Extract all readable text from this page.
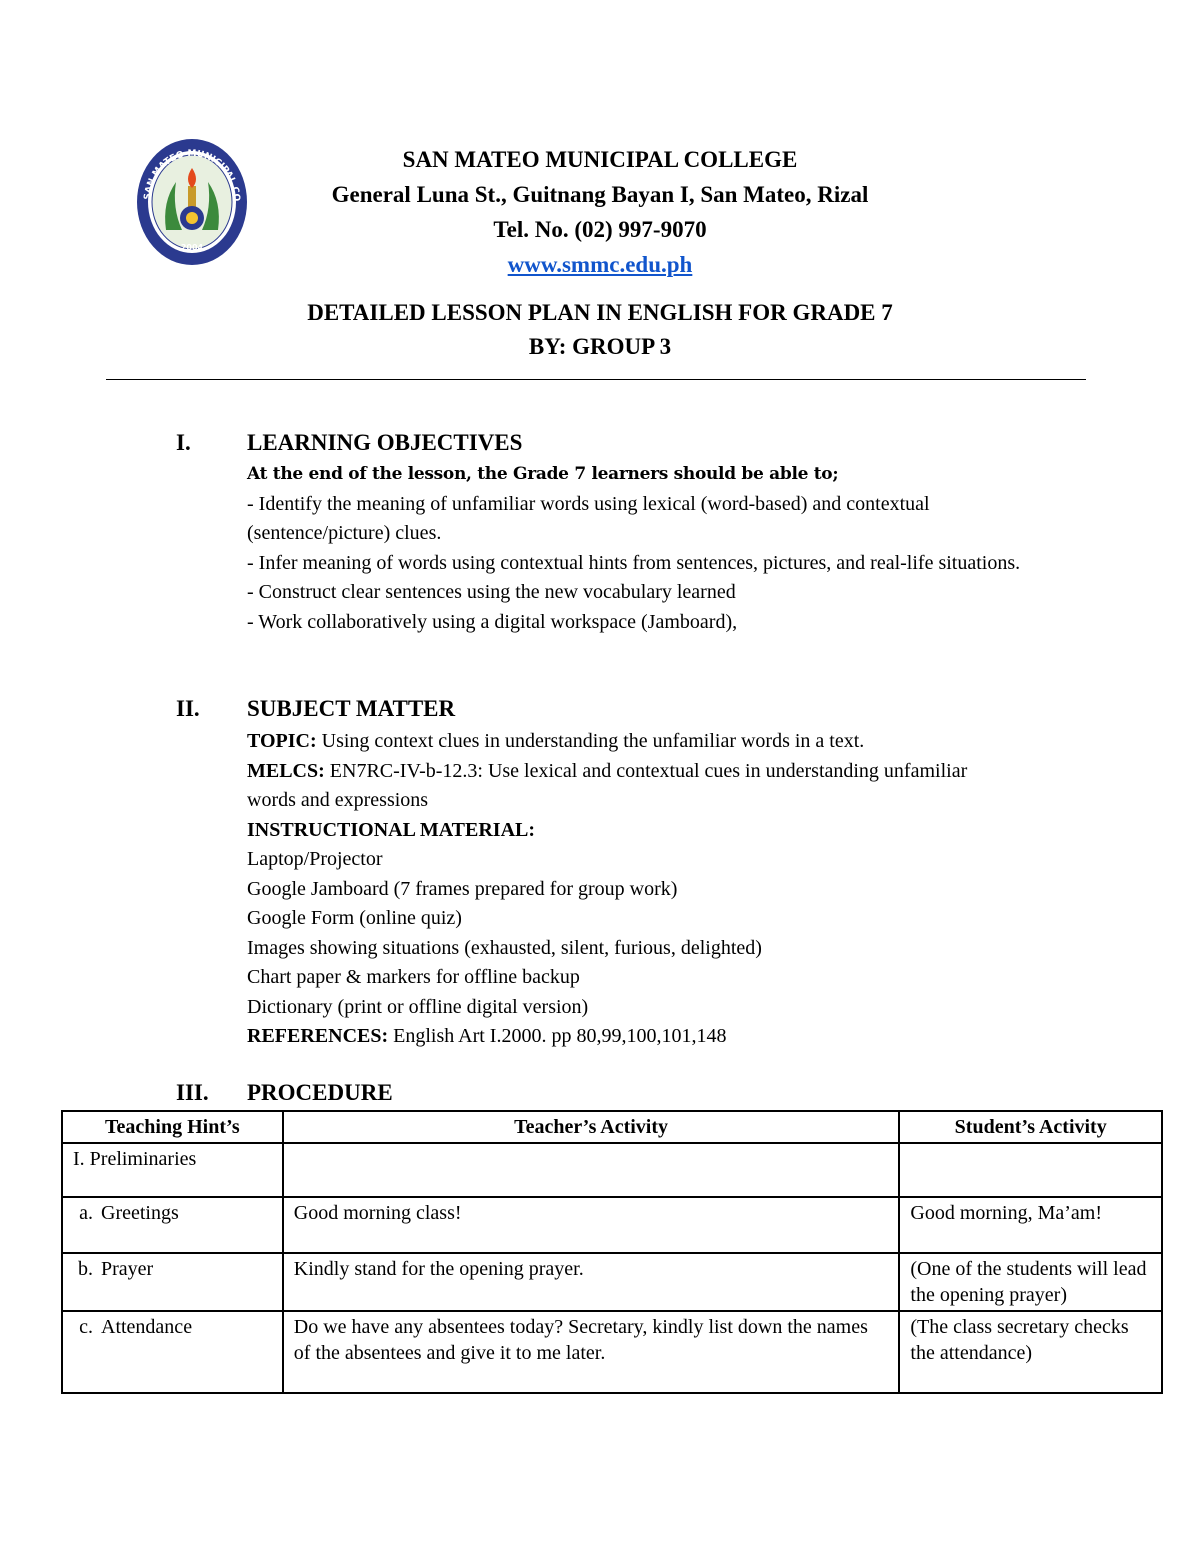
SAN MATEO MUNICIPAL CO
2004
SAN MATEO MUNICIPAL COLLEGE
General Luna St., Guitnang Bayan I, San Mateo, Rizal
Tel. No. (02) 997-9070
www.smmc.edu.ph
DETAILED LESSON PLAN IN ENGLISH FOR GRADE 7
BY: GROUP 3
I. LEARNING OBJECTIVES
At the end of the lesson, the Grade 7 learners should be able to;
- Identify the meaning of unfamiliar words using lexical (word-based) and contextual (sentence/picture) clues.
- Infer meaning of words using contextual hints from sentences, pictures, and real-life situations.
- Construct clear sentences using the new vocabulary learned
- Work collaboratively using a digital workspace (Jamboard),
II. SUBJECT MATTER
TOPIC: Using context clues in understanding the unfamiliar words in a text.
MELCS: EN7RC-IV-b-12.3: Use lexical and contextual cues in understanding unfamiliar words and expressions
INSTRUCTIONAL MATERIAL:
Laptop/Projector
Google Jamboard (7 frames prepared for group work)
Google Form (online quiz)
Images showing situations (exhausted, silent, furious, delighted)
Chart paper & markers for offline backup
Dictionary (print or offline digital version)
REFERENCES: English Art I.2000. pp 80,99,100,101,148
III. PROCEDURE
Teaching Hint’s	Teacher’s Activity	Student’s Activity
I. Preliminaries		
a. Greetings	Good morning class!	Good morning, Ma’am!
b. Prayer	Kindly stand for the opening prayer.	(One of the students will lead the opening prayer)
c. Attendance	Do we have any absentees today? Secretary, kindly list down the names of the absentees and give it to me later.	(The class secretary checks the attendance)
